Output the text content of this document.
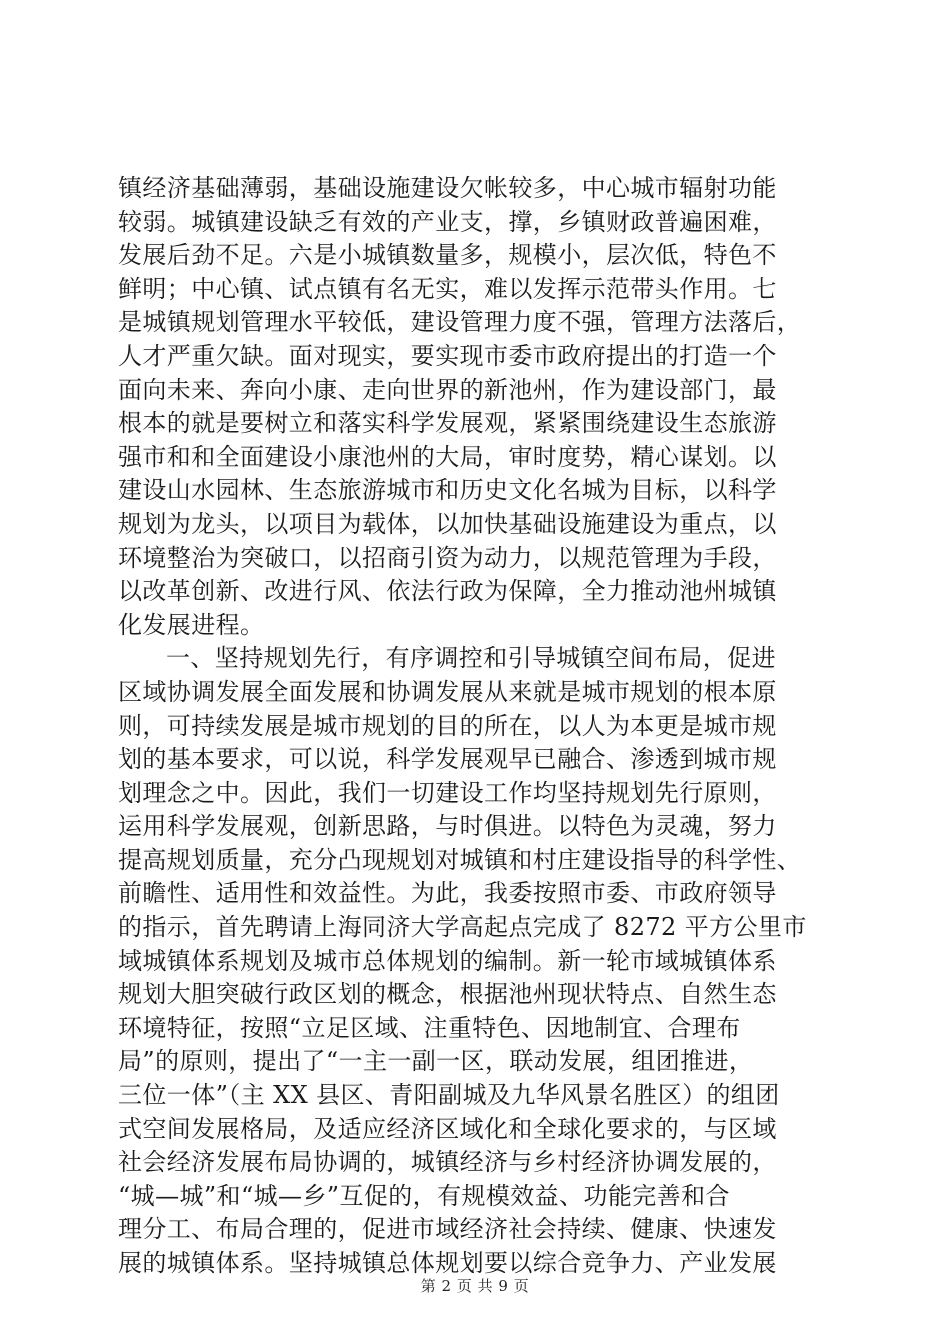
镇经济基础薄弱，基础设施建设欠帐较多，中心城市辐射功能
较弱。城镇建设缺乏有效的产业支，撑，乡镇财政普遍困难，
发展后劲不足。六是小城镇数量多，规模小，层次低，特色不
鲜明；中心镇、试点镇有名无实，难以发挥示范带头作用。七
是城镇规划管理水平较低，建设管理力度不强，管理方法落后，
人才严重欠缺。面对现实，要实现市委市政府提出的打造一个
面向未来、奔向小康、走向世界的新池州，作为建设部门，最
根本的就是要树立和落实科学发展观，紧紧围绕建设生态旅游
强市和和全面建设小康池州的大局，审时度势，精心谋划。以
建设山水园林、生态旅游城市和历史文化名城为目标，以科学
规划为龙头，以项目为载体，以加快基础设施建设为重点，以
环境整治为突破口，以招商引资为动力，以规范管理为手段，
以改革创新、改进行风、依法行政为保障，全力推动池州城镇
化发展进程。
一、坚持规划先行，有序调控和引导城镇空间布局，促进
区域协调发展全面发展和协调发展从来就是城市规划的根本原
则，可持续发展是城市规划的目的所在，以人为本更是城市规
划的基本要求，可以说，科学发展观早已融合、渗透到城市规
划理念之中。因此，我们一切建设工作均坚持规划先行原则，
运用科学发展观，创新思路，与时俱进。以特色为灵魂，努力
提高规划质量，充分凸现规划对城镇和村庄建设指导的科学性、
前瞻性、适用性和效益性。为此，我委按照市委、市政府领导
的指示，首先聘请上海同济大学高起点完成了 8272 平方公里市
域城镇体系规划及城市总体规划的编制。新一轮市域城镇体系
规划大胆突破行政区划的概念，根据池州现状特点、自然生态
环境特征，按照“立足区域、注重特色、因地制宜、合理布
局”的原则，提出了“一主一副一区，联动发展，组团推进，
三位一体”（主 XX 县区、青阳副城及九华风景名胜区）的组团
式空间发展格局，及适应经济区域化和全球化要求的，与区域
社会经济发展布局协调的，城镇经济与乡村经济协调发展的，
“城—城”和“城—乡”互促的，有规模效益、功能完善和合
理分工、布局合理的，促进市域经济社会持续、健康、快速发
展的城镇体系。坚持城镇总体规划要以综合竞争力、产业发展
第 2 页 共 9 页
